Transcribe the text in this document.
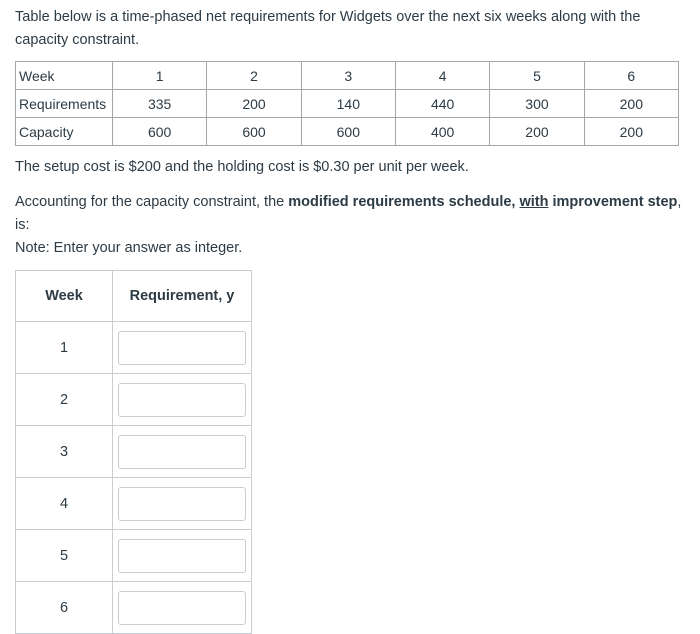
Table below is a time-phased net requirements for Widgets over the next six weeks along with the capacity constraint.
Week	1	2	3	4	5	6
Requirements	335	200	140	440	300	200
Capacity	600	600	600	400	200	200
The setup cost is $200 and the holding cost is $0.30 per unit per week.
Accounting for the capacity constraint, the modified requirements schedule, with improvement step, is:
Note: Enter your answer as integer.
Week	Requirement, y
1	

2	

3	

4	

5	

6	
